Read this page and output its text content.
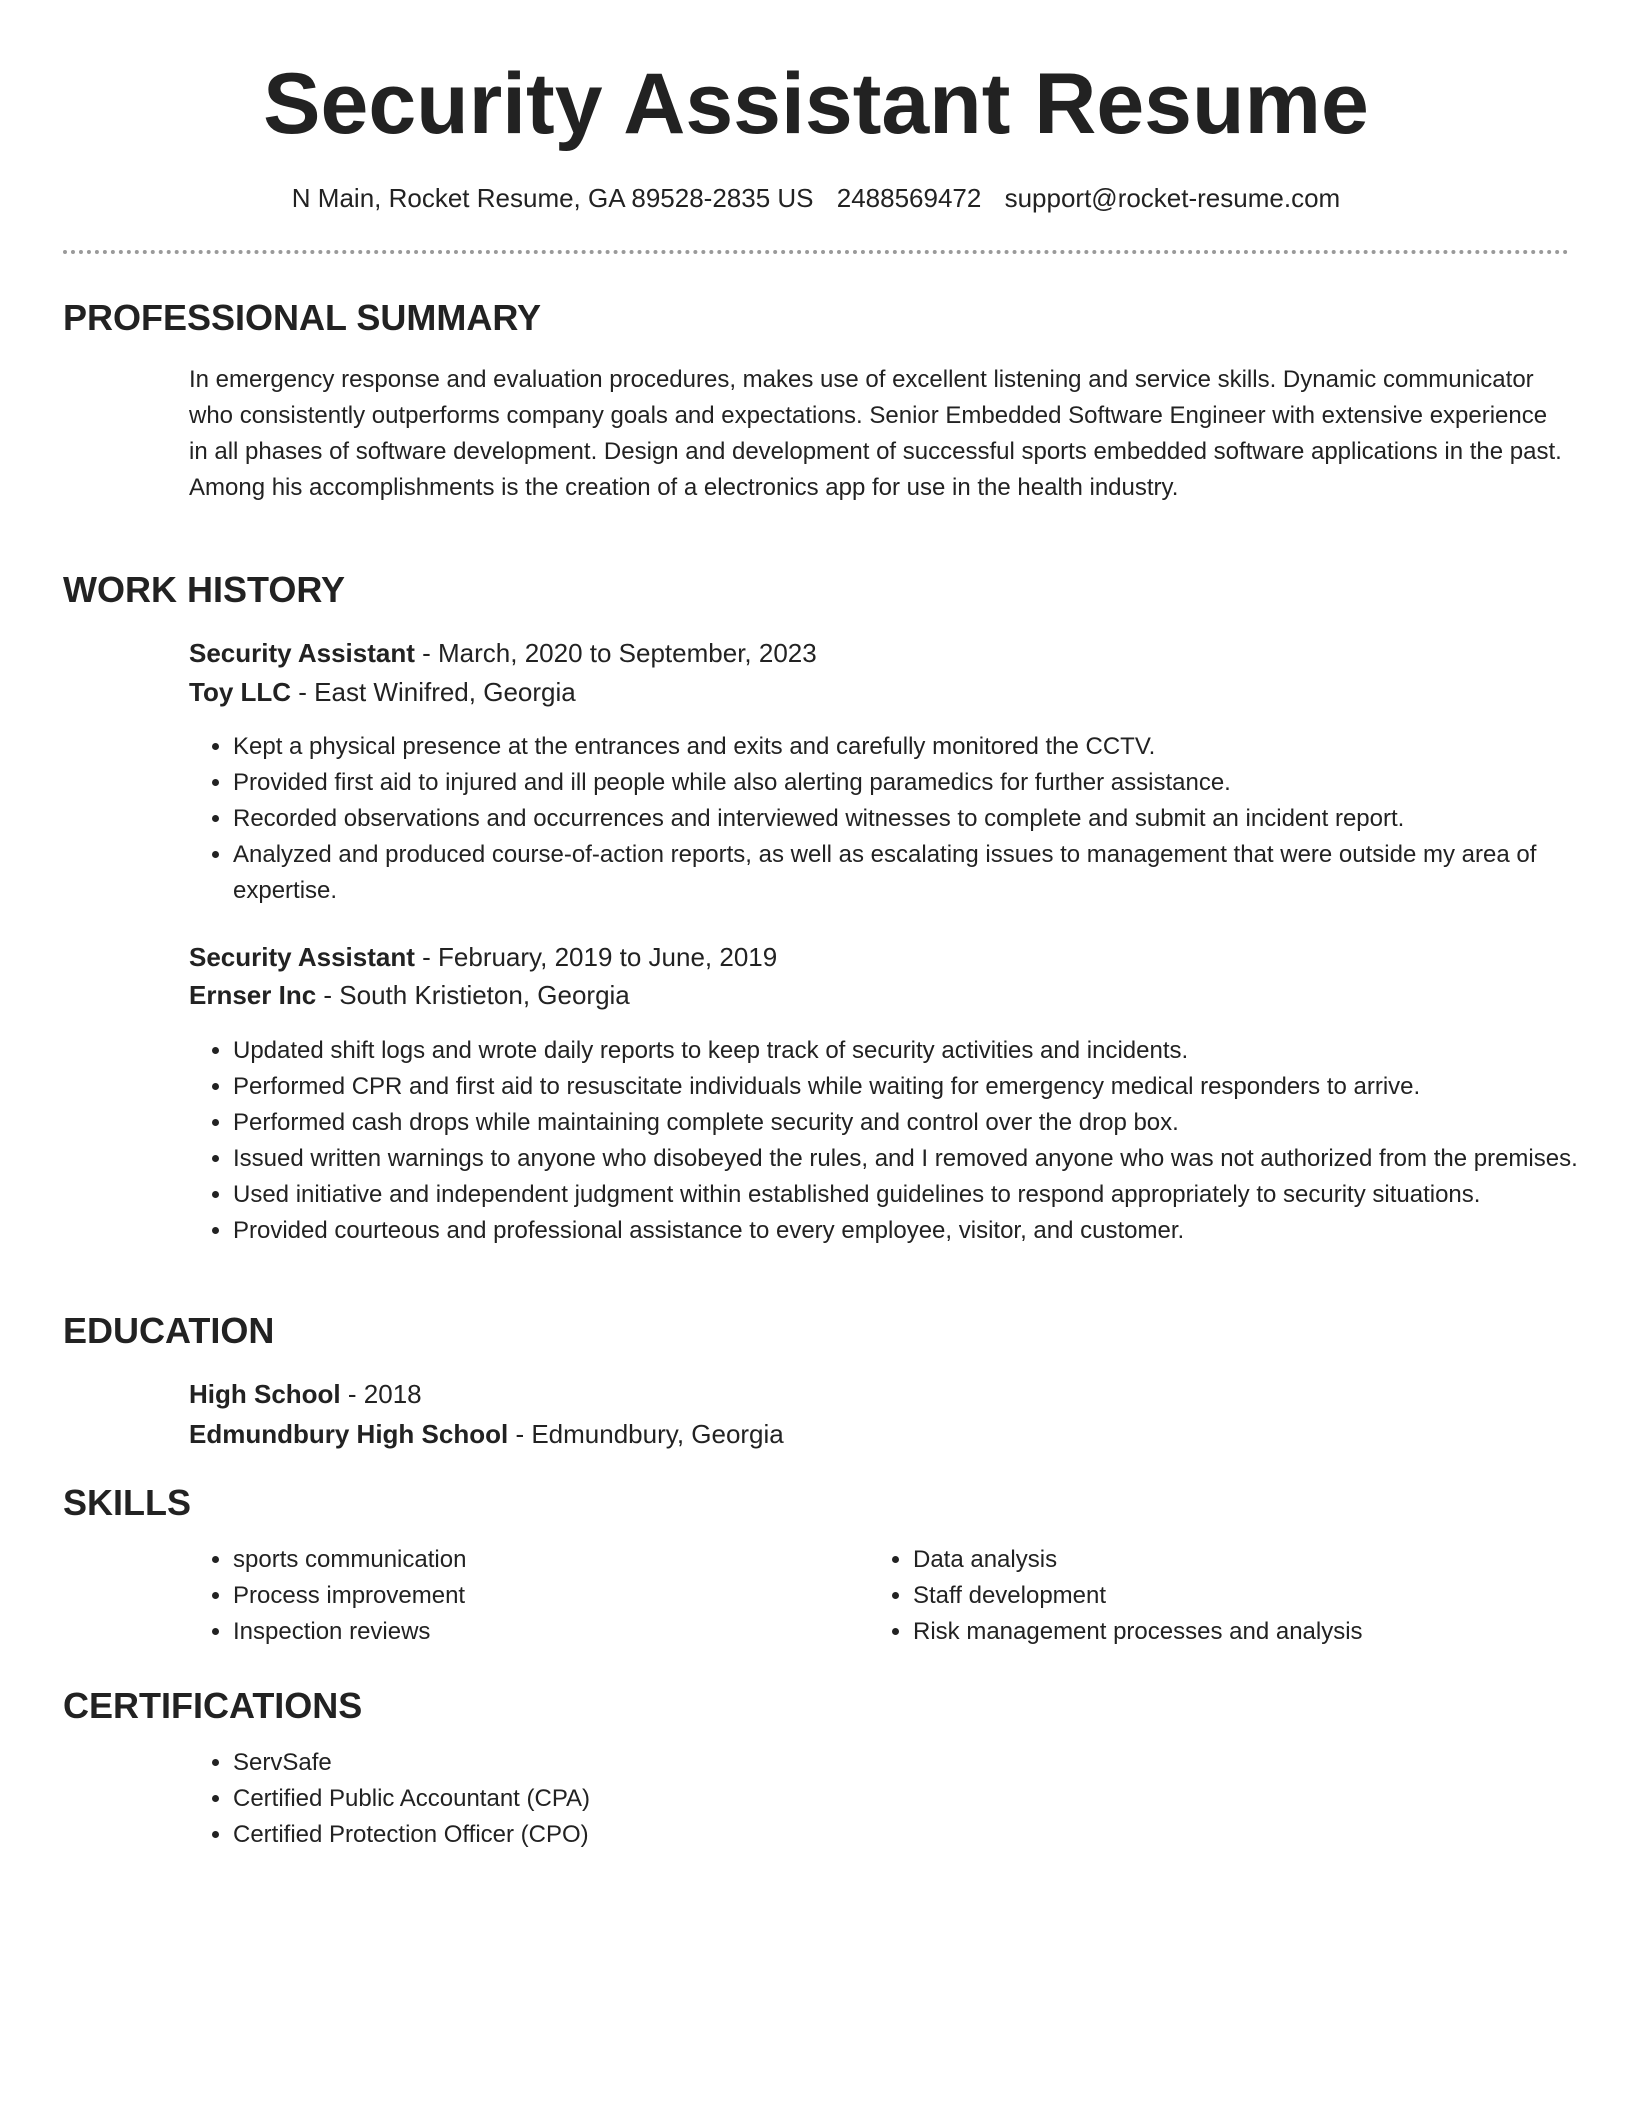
Security Assistant Resume
N Main, Rocket Resume, GA 89528-2835 US 2488569472 support@rocket-resume.com
PROFESSIONAL SUMMARY

In emergency response and evaluation procedures, makes use of excellent listening and service skills. Dynamic communicator who consistently outperforms company goals and expectations. Senior Embedded Software Engineer with extensive experience in all phases of software development. Design and development of successful sports embedded software applications in the past. Among his accomplishments is the creation of a electronics app for use in the health industry.

WORK HISTORY
Security Assistant - March, 2020 to September, 2023
Toy LLC - East Winifred, Georgia
• Kept a physical presence at the entrances and exits and carefully monitored the CCTV.
• Provided first aid to injured and ill people while also alerting paramedics for further assistance.
• Recorded observations and occurrences and interviewed witnesses to complete and submit an incident report.
• Analyzed and produced course-of-action reports, as well as escalating issues to management that were outside my area of expertise.
Security Assistant - February, 2019 to June, 2019
Ernser Inc - South Kristieton, Georgia
• Updated shift logs and wrote daily reports to keep track of security activities and incidents.
• Performed CPR and first aid to resuscitate individuals while waiting for emergency medical responders to arrive.
• Performed cash drops while maintaining complete security and control over the drop box.
• Issued written warnings to anyone who disobeyed the rules, and I removed anyone who was not authorized from the premises.
• Used initiative and independent judgment within established guidelines to respond appropriately to security situations.
• Provided courteous and professional assistance to every employee, visitor, and customer.
EDUCATION
High School - 2018
Edmundbury High School - Edmundbury, Georgia
SKILLS
• sports communication
• Process improvement
• Inspection reviews
• Data analysis
• Staff development
• Risk management processes and analysis
CERTIFICATIONS
• ServSafe
• Certified Public Accountant (CPA)
• Certified Protection Officer (CPO)
